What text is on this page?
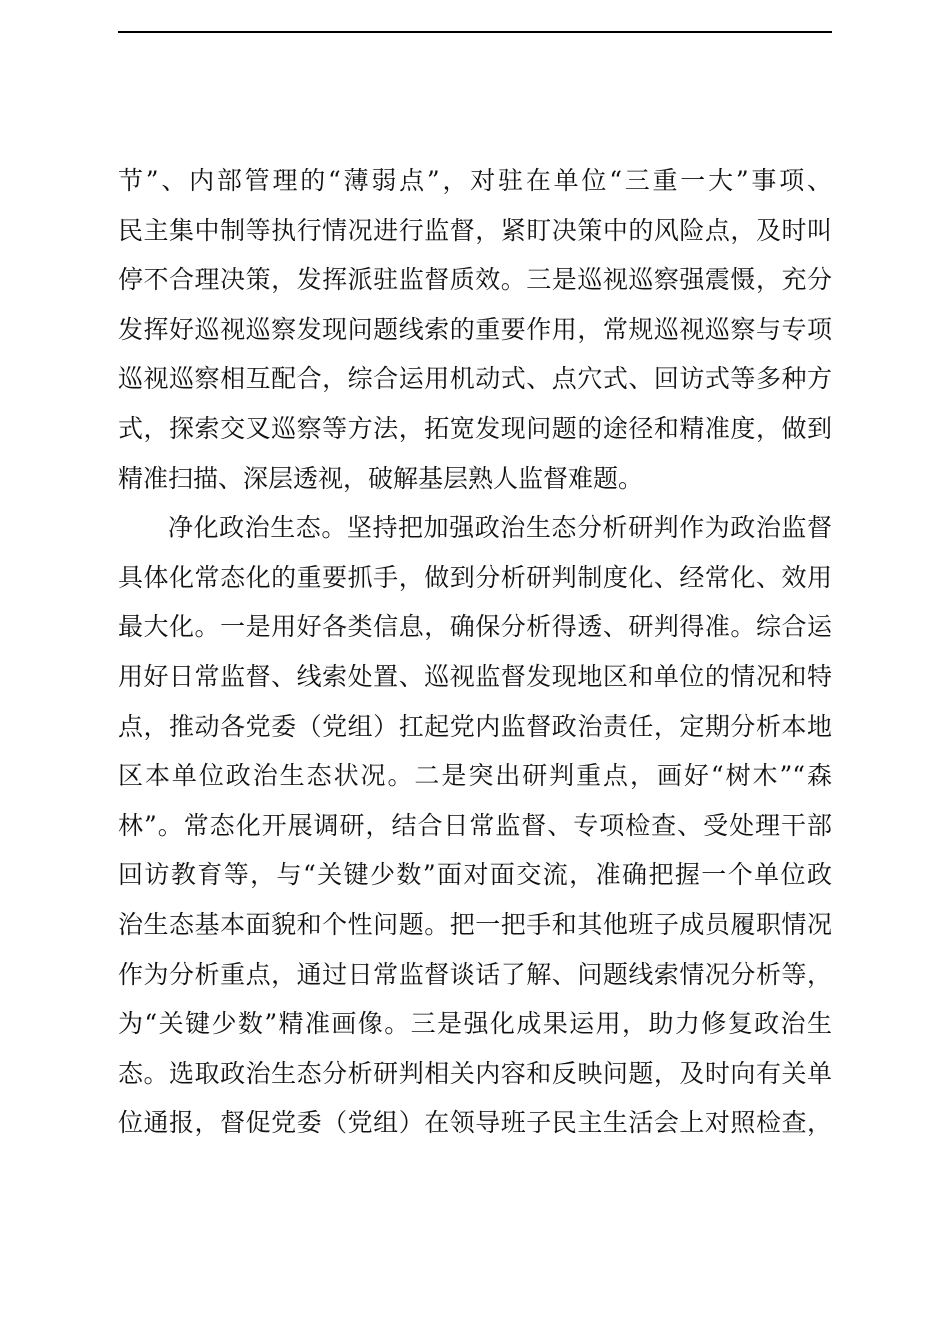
节”、内部管理的“薄弱点”，对驻在单位“三重一大”事项、
民主集中制等执行情况进行监督，紧盯决策中的风险点，及时叫
停不合理决策，发挥派驻监督质效。三是巡视巡察强震慑，充分
发挥好巡视巡察发现问题线索的重要作用，常规巡视巡察与专项
巡视巡察相互配合，综合运用机动式、点穴式、回访式等多种方
式，探索交叉巡察等方法，拓宽发现问题的途径和精准度，做到
精准扫描、深层透视，破解基层熟人监督难题。
净化政治生态。坚持把加强政治生态分析研判作为政治监督
具体化常态化的重要抓手，做到分析研判制度化、经常化、效用
最大化。一是用好各类信息，确保分析得透、研判得准。综合运
用好日常监督、线索处置、巡视监督发现地区和单位的情况和特
点，推动各党委（党组）扛起党内监督政治责任，定期分析本地
区本单位政治生态状况。二是突出研判重点，画好“树木”“森
林”。常态化开展调研，结合日常监督、专项检查、受处理干部
回访教育等，与“关键少数”面对面交流，准确把握一个单位政
治生态基本面貌和个性问题。把一把手和其他班子成员履职情况
作为分析重点，通过日常监督谈话了解、问题线索情况分析等，
为“关键少数”精准画像。三是强化成果运用，助力修复政治生
态。选取政治生态分析研判相关内容和反映问题，及时向有关单
位通报，督促党委（党组）在领导班子民主生活会上对照检查，
